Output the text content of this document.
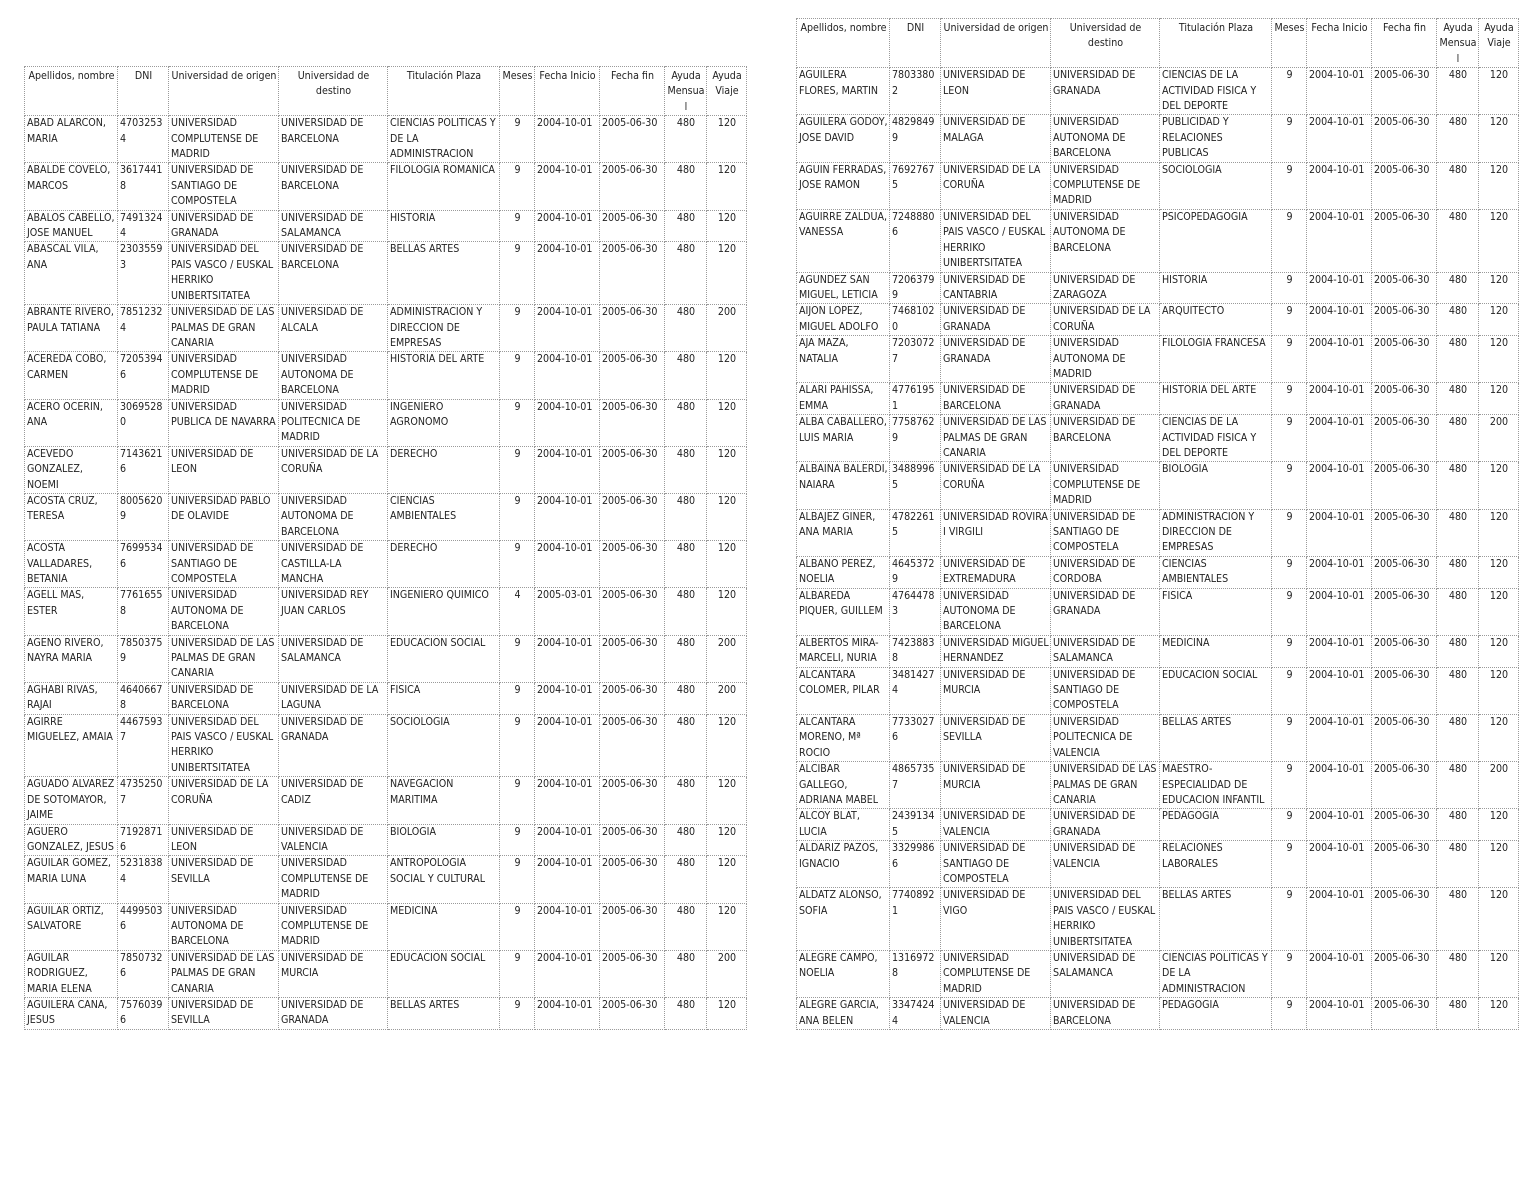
Apellidos, nombre	DNI	Universidad de origen	Universidad de destino	Titulación Plaza	Meses	Fecha Inicio	Fecha fin	Ayuda Mensual	Ayuda Viaje
ABAD ALARCON, MARIA	47032534	UNIVERSIDAD COMPLUTENSE DE MADRID	UNIVERSIDAD DE BARCELONA	CIENCIAS POLITICAS Y DE LA ADMINISTRACION	9	2004-10-01	2005-06-30	480	120
ABALDE COVELO, MARCOS	36174418	UNIVERSIDAD DE SANTIAGO DE COMPOSTELA	UNIVERSIDAD DE BARCELONA	FILOLOGIA ROMANICA	9	2004-10-01	2005-06-30	480	120
ABALOS CABELLO, JOSE MANUEL	74913244	UNIVERSIDAD DE GRANADA	UNIVERSIDAD DE SALAMANCA	HISTORIA	9	2004-10-01	2005-06-30	480	120
ABASCAL VILA, ANA	23035593	UNIVERSIDAD DEL PAIS VASCO / EUSKAL HERRIKO UNIBERTSITATEA	UNIVERSIDAD DE BARCELONA	BELLAS ARTES	9	2004-10-01	2005-06-30	480	120
ABRANTE RIVERO, PAULA TATIANA	78512324	UNIVERSIDAD DE LAS PALMAS DE GRAN CANARIA	UNIVERSIDAD DE ALCALA	ADMINISTRACION Y DIRECCION DE EMPRESAS	9	2004-10-01	2005-06-30	480	200
ACEREDA COBO, CARMEN	72053946	UNIVERSIDAD COMPLUTENSE DE MADRID	UNIVERSIDAD AUTONOMA DE BARCELONA	HISTORIA DEL ARTE	9	2004-10-01	2005-06-30	480	120
ACERO OCERIN, ANA	30695280	UNIVERSIDAD PUBLICA DE NAVARRA	UNIVERSIDAD POLITECNICA DE MADRID	INGENIERO AGRONOMO	9	2004-10-01	2005-06-30	480	120
ACEVEDO GONZALEZ, NOEMI	71436216	UNIVERSIDAD DE LEON	UNIVERSIDAD DE LA CORUÑA	DERECHO	9	2004-10-01	2005-06-30	480	120
ACOSTA CRUZ, TERESA	80056209	UNIVERSIDAD PABLO DE OLAVIDE	UNIVERSIDAD AUTONOMA DE BARCELONA	CIENCIAS AMBIENTALES	9	2004-10-01	2005-06-30	480	120
ACOSTA VALLADARES, BETANIA	76995346	UNIVERSIDAD DE SANTIAGO DE COMPOSTELA	UNIVERSIDAD DE CASTILLA-LA MANCHA	DERECHO	9	2004-10-01	2005-06-30	480	120
AGELL MAS, ESTER	77616558	UNIVERSIDAD AUTONOMA DE BARCELONA	UNIVERSIDAD REY JUAN CARLOS	INGENIERO QUIMICO	4	2005-03-01	2005-06-30	480	120
AGENO RIVERO, NAYRA MARIA	78503759	UNIVERSIDAD DE LAS PALMAS DE GRAN CANARIA	UNIVERSIDAD DE SALAMANCA	EDUCACION SOCIAL	9	2004-10-01	2005-06-30	480	200
AGHABI RIVAS, RAJAI	46406678	UNIVERSIDAD DE BARCELONA	UNIVERSIDAD DE LA LAGUNA	FISICA	9	2004-10-01	2005-06-30	480	200
AGIRRE MIGUELEZ, AMAIA	44675937	UNIVERSIDAD DEL PAIS VASCO / EUSKAL HERRIKO UNIBERTSITATEA	UNIVERSIDAD DE GRANADA	SOCIOLOGIA	9	2004-10-01	2005-06-30	480	120
AGUADO ALVAREZ DE SOTOMAYOR, JAIME	47352507	UNIVERSIDAD DE LA CORUÑA	UNIVERSIDAD DE CADIZ	NAVEGACION MARITIMA	9	2004-10-01	2005-06-30	480	120
AGUERO GONZALEZ, JESUS	71928716	UNIVERSIDAD DE LEON	UNIVERSIDAD DE VALENCIA	BIOLOGIA	9	2004-10-01	2005-06-30	480	120
AGUILAR GOMEZ, MARIA LUNA	52318384	UNIVERSIDAD DE SEVILLA	UNIVERSIDAD COMPLUTENSE DE MADRID	ANTROPOLOGIA SOCIAL Y CULTURAL	9	2004-10-01	2005-06-30	480	120
AGUILAR ORTIZ, SALVATORE	44995036	UNIVERSIDAD AUTONOMA DE BARCELONA	UNIVERSIDAD COMPLUTENSE DE MADRID	MEDICINA	9	2004-10-01	2005-06-30	480	120
AGUILAR RODRIGUEZ, MARIA ELENA	78507326	UNIVERSIDAD DE LAS PALMAS DE GRAN CANARIA	UNIVERSIDAD DE MURCIA	EDUCACION SOCIAL	9	2004-10-01	2005-06-30	480	200
AGUILERA CANA, JESUS	75760396	UNIVERSIDAD DE SEVILLA	UNIVERSIDAD DE GRANADA	BELLAS ARTES	9	2004-10-01	2005-06-30	480	120
Apellidos, nombre	DNI	Universidad de origen	Universidad de destino	Titulación Plaza	Meses	Fecha Inicio	Fecha fin	Ayuda Mensual	Ayuda Viaje
AGUILERA FLORES, MARTIN	78033802	UNIVERSIDAD DE LEON	UNIVERSIDAD DE GRANADA	CIENCIAS DE LA ACTIVIDAD FISICA Y DEL DEPORTE	9	2004-10-01	2005-06-30	480	120
AGUILERA GODOY, JOSE DAVID	48298499	UNIVERSIDAD DE MALAGA	UNIVERSIDAD AUTONOMA DE BARCELONA	PUBLICIDAD Y RELACIONES PUBLICAS	9	2004-10-01	2005-06-30	480	120
AGUIN FERRADAS, JOSE RAMON	76927675	UNIVERSIDAD DE LA CORUÑA	UNIVERSIDAD COMPLUTENSE DE MADRID	SOCIOLOGIA	9	2004-10-01	2005-06-30	480	120
AGUIRRE ZALDUA, VANESSA	72488806	UNIVERSIDAD DEL PAIS VASCO / EUSKAL HERRIKO UNIBERTSITATEA	UNIVERSIDAD AUTONOMA DE BARCELONA	PSICOPEDAGOGIA	9	2004-10-01	2005-06-30	480	120
AGUNDEZ SAN MIGUEL, LETICIA	72063799	UNIVERSIDAD DE CANTABRIA	UNIVERSIDAD DE ZARAGOZA	HISTORIA	9	2004-10-01	2005-06-30	480	120
AIJON LOPEZ, MIGUEL ADOLFO	74681020	UNIVERSIDAD DE GRANADA	UNIVERSIDAD DE LA CORUÑA	ARQUITECTO	9	2004-10-01	2005-06-30	480	120
AJA MAZA, NATALIA	72030727	UNIVERSIDAD DE GRANADA	UNIVERSIDAD AUTONOMA DE MADRID	FILOLOGIA FRANCESA	9	2004-10-01	2005-06-30	480	120
ALARI PAHISSA, EMMA	47761951	UNIVERSIDAD DE BARCELONA	UNIVERSIDAD DE GRANADA	HISTORIA DEL ARTE	9	2004-10-01	2005-06-30	480	120
ALBA CABALLERO, LUIS MARIA	77587629	UNIVERSIDAD DE LAS PALMAS DE GRAN CANARIA	UNIVERSIDAD DE BARCELONA	CIENCIAS DE LA ACTIVIDAD FISICA Y DEL DEPORTE	9	2004-10-01	2005-06-30	480	200
ALBAINA BALERDI, NAIARA	34889965	UNIVERSIDAD DE LA CORUÑA	UNIVERSIDAD COMPLUTENSE DE MADRID	BIOLOGIA	9	2004-10-01	2005-06-30	480	120
ALBAJEZ GINER, ANA MARIA	47822615	UNIVERSIDAD ROVIRA I VIRGILI	UNIVERSIDAD DE SANTIAGO DE COMPOSTELA	ADMINISTRACION Y DIRECCION DE EMPRESAS	9	2004-10-01	2005-06-30	480	120
ALBANO PEREZ, NOELIA	46453729	UNIVERSIDAD DE EXTREMADURA	UNIVERSIDAD DE CORDOBA	CIENCIAS AMBIENTALES	9	2004-10-01	2005-06-30	480	120
ALBAREDA PIQUER, GUILLEM	47644783	UNIVERSIDAD AUTONOMA DE BARCELONA	UNIVERSIDAD DE GRANADA	FISICA	9	2004-10-01	2005-06-30	480	120
ALBERTOS MIRA-MARCELI, NURIA	74238838	UNIVERSIDAD MIGUEL HERNANDEZ	UNIVERSIDAD DE SALAMANCA	MEDICINA	9	2004-10-01	2005-06-30	480	120
ALCANTARA COLOMER, PILAR	34814274	UNIVERSIDAD DE MURCIA	UNIVERSIDAD DE SANTIAGO DE COMPOSTELA	EDUCACION SOCIAL	9	2004-10-01	2005-06-30	480	120
ALCANTARA MORENO, Mª ROCIO	77330276	UNIVERSIDAD DE SEVILLA	UNIVERSIDAD POLITECNICA DE VALENCIA	BELLAS ARTES	9	2004-10-01	2005-06-30	480	120
ALCIBAR GALLEGO, ADRIANA MABEL	48657357	UNIVERSIDAD DE MURCIA	UNIVERSIDAD DE LAS PALMAS DE GRAN CANARIA	MAESTRO-ESPECIALIDAD DE EDUCACION INFANTIL	9	2004-10-01	2005-06-30	480	200
ALCOY BLAT, LUCIA	24391345	UNIVERSIDAD DE VALENCIA	UNIVERSIDAD DE GRANADA	PEDAGOGIA	9	2004-10-01	2005-06-30	480	120
ALDARIZ PAZOS, IGNACIO	33299866	UNIVERSIDAD DE SANTIAGO DE COMPOSTELA	UNIVERSIDAD DE VALENCIA	RELACIONES LABORALES	9	2004-10-01	2005-06-30	480	120
ALDATZ ALONSO, SOFIA	77408921	UNIVERSIDAD DE VIGO	UNIVERSIDAD DEL PAIS VASCO / EUSKAL HERRIKO UNIBERTSITATEA	BELLAS ARTES	9	2004-10-01	2005-06-30	480	120
ALEGRE CAMPO, NOELIA	13169728	UNIVERSIDAD COMPLUTENSE DE MADRID	UNIVERSIDAD DE SALAMANCA	CIENCIAS POLITICAS Y DE LA ADMINISTRACION	9	2004-10-01	2005-06-30	480	120
ALEGRE GARCIA, ANA BELEN	33474244	UNIVERSIDAD DE VALENCIA	UNIVERSIDAD DE BARCELONA	PEDAGOGIA	9	2004-10-01	2005-06-30	480	120
